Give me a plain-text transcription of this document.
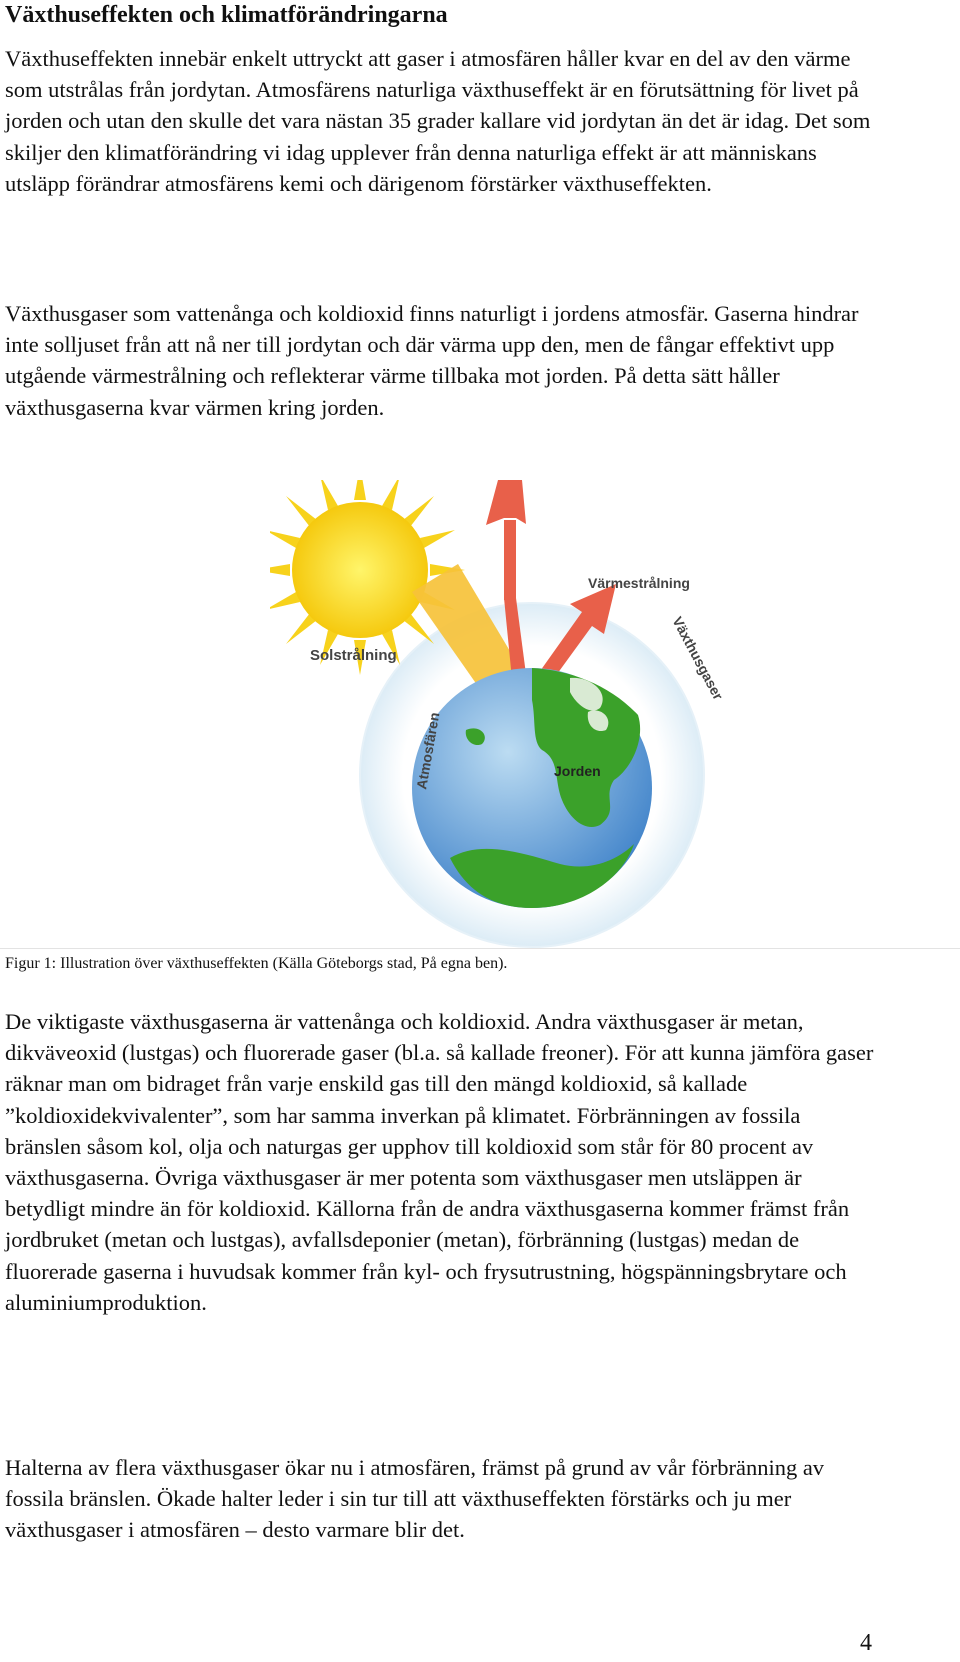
Växthuseffekten och klimatförändringarna

Växthuseffekten innebär enkelt uttryckt att gaser i atmosfären håller kvar en del av den värme som utstrålas från jordytan. Atmosfärens naturliga växthuseffekt är en förutsättning för livet på jorden och utan den skulle det vara nästan 35 grader kallare vid jordytan än det är idag. Det som skiljer den klimatförändring vi idag upplever från denna naturliga effekt är att människans utsläpp förändrar atmosfärens kemi och därigenom förstärker växthuseffekten.

Växthusgaser som vattenånga och koldioxid finns naturligt i jordens atmosfär. Gaserna hindrar inte solljuset från att nå ner till jordytan och där värma upp den, men de fångar effektivt upp utgående värmestrålning och reflekterar värme tillbaka mot jorden. På detta sätt håller växthusgaserna kvar värmen kring jorden.

Solstrålning
Värmestrålning
Atmosfären
Växthusgaser
Jorden

Figur 1: Illustration över växthuseffekten (Källa Göteborgs stad, På egna ben).

De viktigaste växthusgaserna är vattenånga och koldioxid. Andra växthusgaser är metan, dikväveoxid (lustgas) och fluorerade gaser (bl.a. så kallade freoner). För att kunna jämföra gaser räknar man om bidraget från varje enskild gas till den mängd koldioxid, så kallade ”koldioxidekvivalenter”, som har samma inverkan på klimatet. Förbränningen av fossila bränslen såsom kol, olja och naturgas ger upphov till koldioxid som står för 80 procent av växthusgaserna. Övriga växthusgaser är mer potenta som växthusgaser men utsläppen är betydligt mindre än för koldioxid. Källorna från de andra växthusgaserna kommer främst från jordbruket (metan och lustgas), avfallsdeponier (metan), förbränning (lustgas) medan de fluorerade gaserna i huvudsak kommer från kyl- och frysutrustning, högspänningsbrytare och aluminiumproduktion.

Halterna av flera växthusgaser ökar nu i atmosfären, främst på grund av vår förbränning av fossila bränslen. Ökade halter leder i sin tur till att växthuseffekten förstärks och ju mer växthusgaser i atmosfären – desto varmare blir det.

4
